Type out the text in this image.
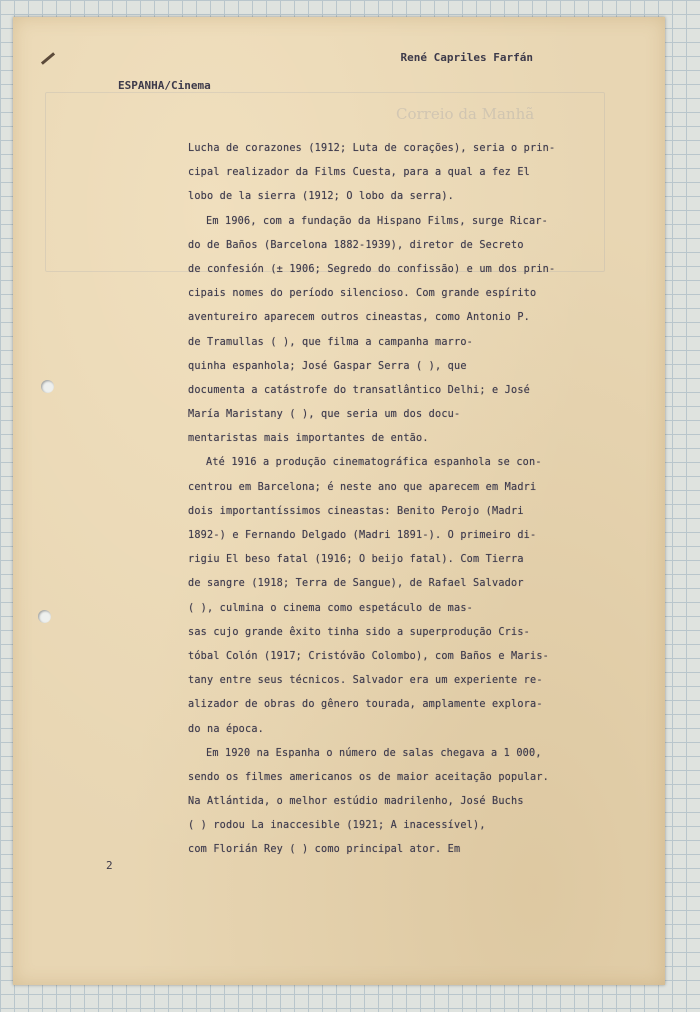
Correio da Manhã
René Capriles Farfán
ESPANHA/Cinema
Lucha de corazones (1912; Luta de corações), seria o prin-
cipal realizador da Films Cuesta, para a qual a fez El
lobo de la sierra (1912; O lobo da serra).
Em 1906, com a fundação da Hispano Films, surge Ricar-
do de Baños (Barcelona 1882-1939), diretor de Secreto
de confesión (± 1906; Segredo do confissão) e um dos prin-
cipais nomes do período silencioso. Com grande espírito
aventureiro aparecem outros cineastas, como Antonio P.
de Tramullas ( ), que filma a campanha marro-
quinha espanhola; José Gaspar Serra ( ), que
documenta a catástrofe do transatlântico Delhi; e José
María Maristany ( ), que seria um dos docu-
mentaristas mais importantes de então.
Até 1916 a produção cinematográfica espanhola se con-
centrou em Barcelona; é neste ano que aparecem em Madri
dois importantíssimos cineastas: Benito Perojo (Madri
1892-) e Fernando Delgado (Madri 1891-). O primeiro di-
rigiu El beso fatal (1916; O beijo fatal). Com Tierra
de sangre (1918; Terra de Sangue), de Rafael Salvador
( ), culmina o cinema como espetáculo de mas-
sas cujo grande êxito tinha sido a superprodução Cris-
tóbal Colón (1917; Cristóvão Colombo), com Baños e Maris-
tany entre seus técnicos. Salvador era um experiente re-
alizador de obras do gênero tourada, amplamente explora-
do na época.
Em 1920 na Espanha o número de salas chegava a 1 000,
sendo os filmes americanos os de maior aceitação popular.
Na Atlántida, o melhor estúdio madrilenho, José Buchs
( ) rodou La inaccesible (1921; A inacessível),
com Florián Rey ( ) como principal ator. Em
2
